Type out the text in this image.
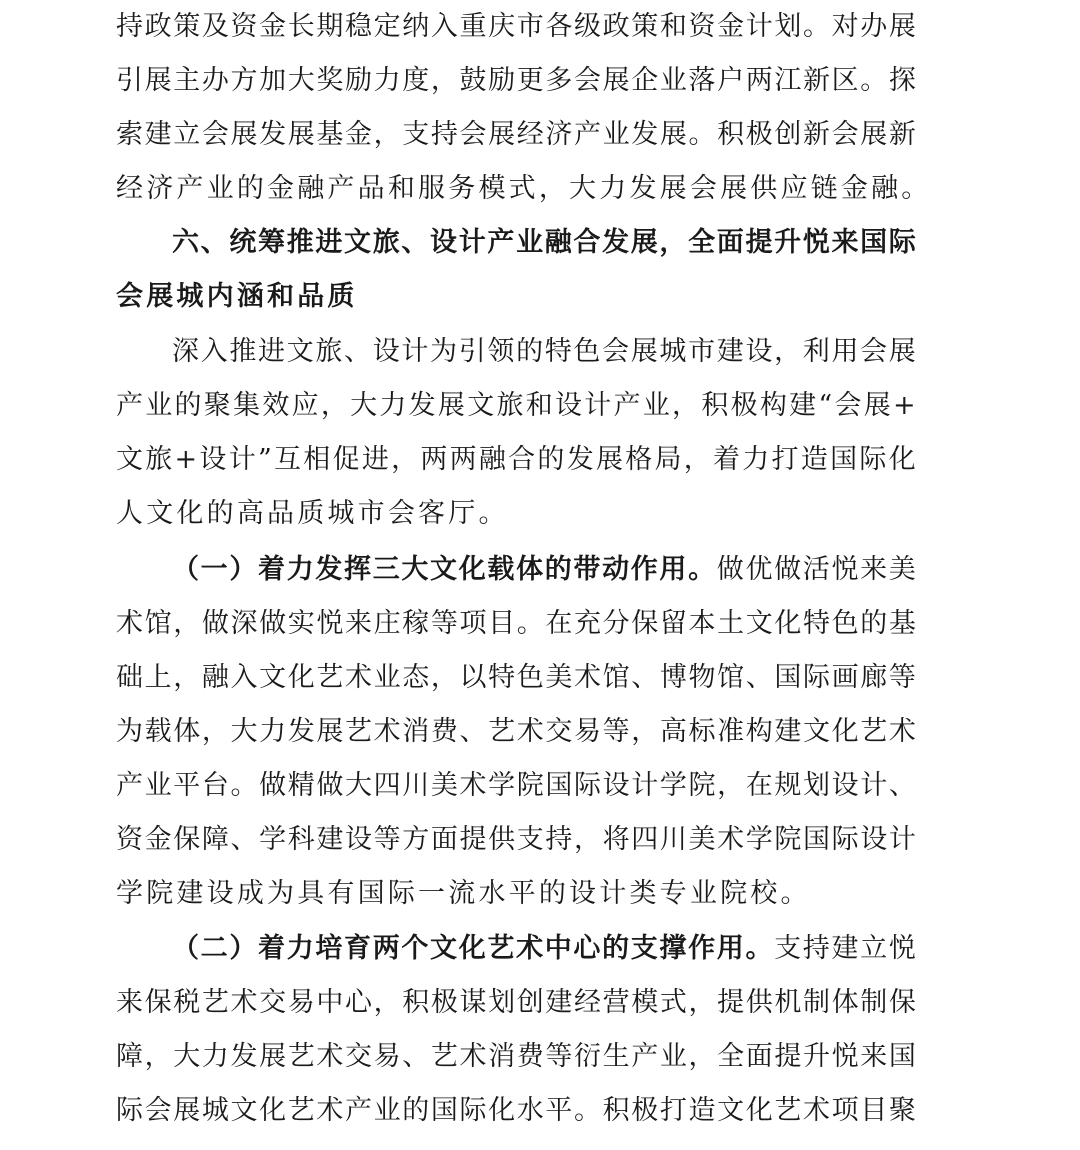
持 政 策 及 资 金 长 期 稳 定 纳 入 重 庆 市 各 级 政 策 和 资 金 计 划 。 对 办 展
引 展 主 办 方 加 大 奖 励 力 度 ， 鼓 励 更 多 会 展 企 业 落 户 两 江 新 区 。 探
索 建 立 会 展 发 展 基 金 ， 支 持 会 展 经 济 产 业 发 展 。 积 极 创 新 会 展 新
经 济 产 业 的 金 融 产 品 和 服 务 模 式 ， 大 力 发 展 会 展 供 应 链 金 融 。
六 、 统 筹 推 进 文 旅 、 设 计 产 业 融 合 发 展 ， 全 面 提 升 悦 来 国 际
会 展 城 内 涵 和 品 质
深 入 推 进 文 旅 、 设 计 为 引 领 的 特 色 会 展 城 市 建 设 ， 利 用 会 展
产 业 的 聚 集 效 应 ， 大 力 发 展 文 旅 和 设 计 产 业 ， 积 极 构 建 “ 会 展 +
文 旅 + 设 计 ” 互 相 促 进 ， 两 两 融 合 的 发 展 格 局 ， 着 力 打 造 国 际 化
人 文 化 的 高 品 质 城 市 会 客 厅 。
（ 一 ） 着 力 发 挥 三 大 文 化 载 体 的 带 动 作 用 。 做 优 做 活 悦 来 美
术 馆 ， 做 深 做 实 悦 来 庄 稼 等 项 目 。 在 充 分 保 留 本 土 文 化 特 色 的 基
础 上 ， 融 入 文 化 艺 术 业 态 ， 以 特 色 美 术 馆 、 博 物 馆 、 国 际 画 廊 等
为 载 体 ， 大 力 发 展 艺 术 消 费 、 艺 术 交 易 等 ， 高 标 准 构 建 文 化 艺 术
产 业 平 台 。 做 精 做 大 四 川 美 术 学 院 国 际 设 计 学 院 ， 在 规 划 设 计 、
资 金 保 障 、 学 科 建 设 等 方 面 提 供 支 持 ， 将 四 川 美 术 学 院 国 际 设 计
学 院 建 设 成 为 具 有 国 际 一 流 水 平 的 设 计 类 专 业 院 校 。
（ 二 ） 着 力 培 育 两 个 文 化 艺 术 中 心 的 支 撑 作 用 。 支 持 建 立 悦
来 保 税 艺 术 交 易 中 心 ， 积 极 谋 划 创 建 经 营 模 式 ， 提 供 机 制 体 制 保
障 ， 大 力 发 展 艺 术 交 易 、 艺 术 消 费 等 衍 生 产 业 ， 全 面 提 升 悦 来 国
际 会 展 城 文 化 艺 术 产 业 的 国 际 化 水 平 。 积 极 打 造 文 化 艺 术 项 目 聚
